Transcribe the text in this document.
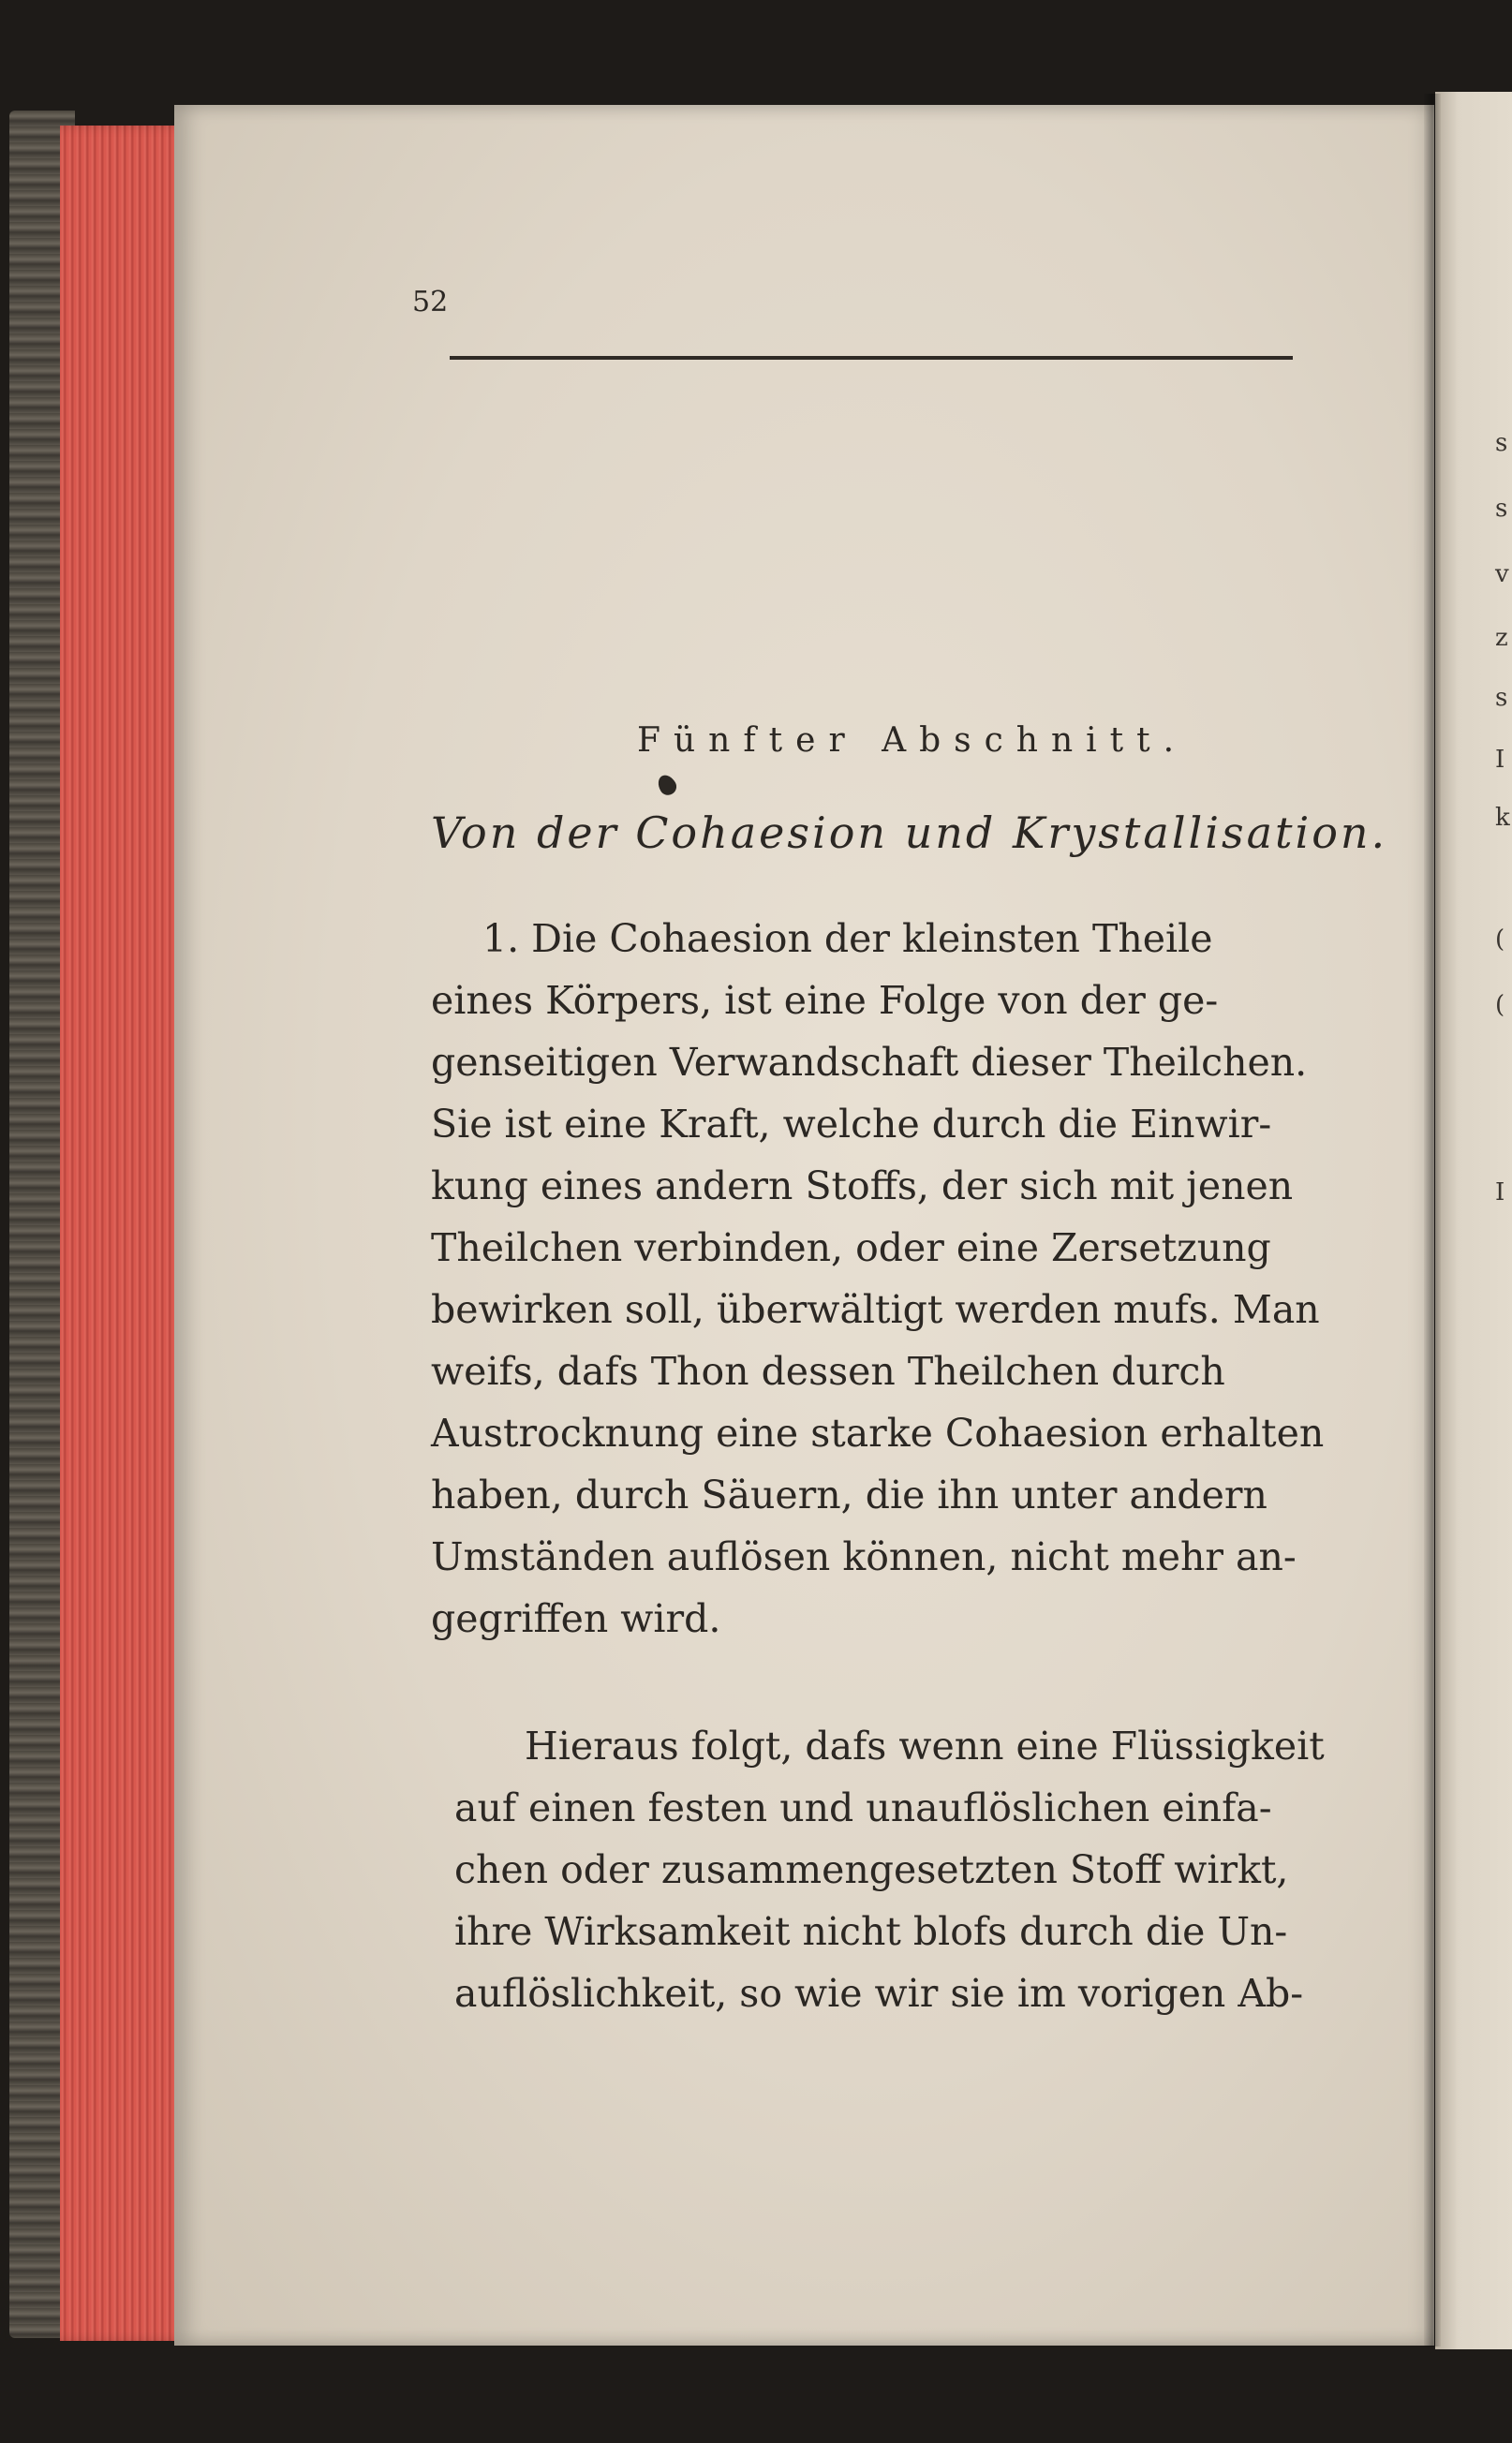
s
s
v
z
s
I
k
(
(
I
52
Fünfter Abschnitt.
Von der Cohaesion und Krystallisation.
1. Die Cohaesion der kleinsten Theile
eines Körpers, ist eine Folge von der ge-
genseitigen Verwandschaft dieser Theilchen.
Sie ist eine Kraft, welche durch die Einwir-
kung eines andern Stoffs, der sich mit jenen
Theilchen verbinden, oder eine Zersetzung
bewirken soll, überwältigt werden mufs. Man
weifs, dafs Thon dessen Theilchen durch
Austrocknung eine starke Cohaesion erhalten
haben, durch Säuern, die ihn unter andern
Umständen auflösen können, nicht mehr an-
gegriffen wird.
Hieraus folgt, dafs wenn eine Flüssigkeit
auf einen festen und unauflöslichen einfa-
chen oder zusammengesetzten Stoff wirkt,
ihre Wirksamkeit nicht blofs durch die Un-
auflöslichkeit, so wie wir sie im vorigen Ab-
